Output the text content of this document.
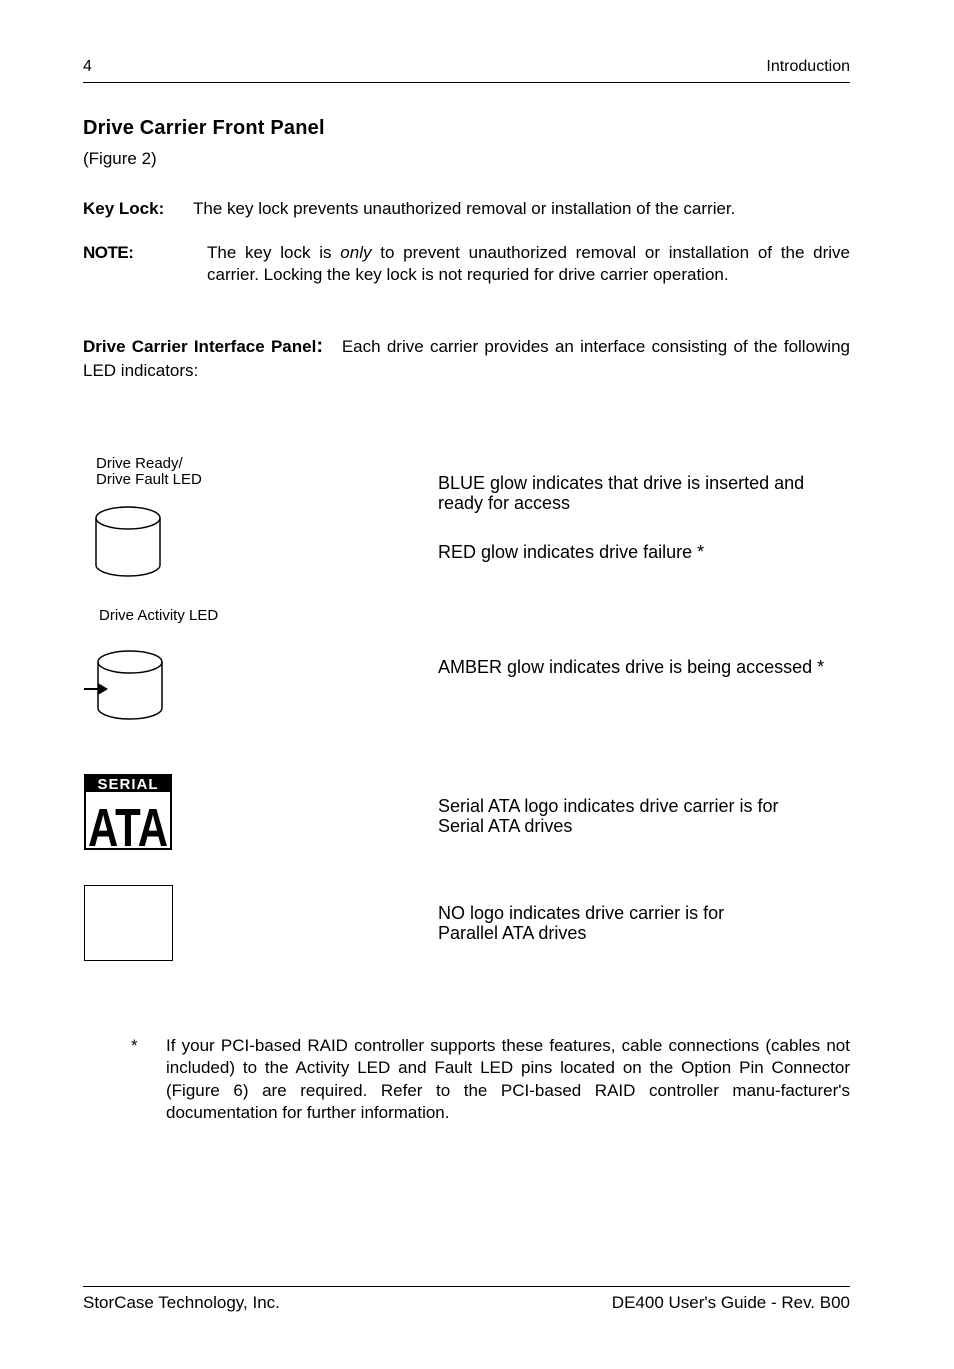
4	Introduction
Drive Carrier Front Panel
(Figure 2)
Key Lock: The key lock prevents unauthorized removal or installation of the carrier.
NOTE:	The key lock is only to prevent unauthorized removal or installation of the drive carrier. Locking the key lock is not requried for drive carrier operation.
Drive Carrier Interface Panel: Each drive carrier provides an interface consisting of the following LED indicators:
Drive Ready/
Drive Fault LED	BLUE glow indicates that drive is inserted and
ready for access
RED glow indicates drive failure *
Drive Activity LED
AMBER glow indicates drive is being accessed *
SERIAL
ATA	Serial ATA logo indicates drive carrier is for
Serial ATA drives
NO logo indicates drive carrier is for
Parallel ATA drives
* If your PCI-based RAID controller supports these features, cable connections (cables not included) to the Activity LED and Fault LED pins located on the Option Pin Connector (Figure 6) are required. Refer to the PCI-based RAID controller manu-facturer's documentation for further information.
StorCase Technology, Inc.	DE400 User's Guide - Rev. B00
